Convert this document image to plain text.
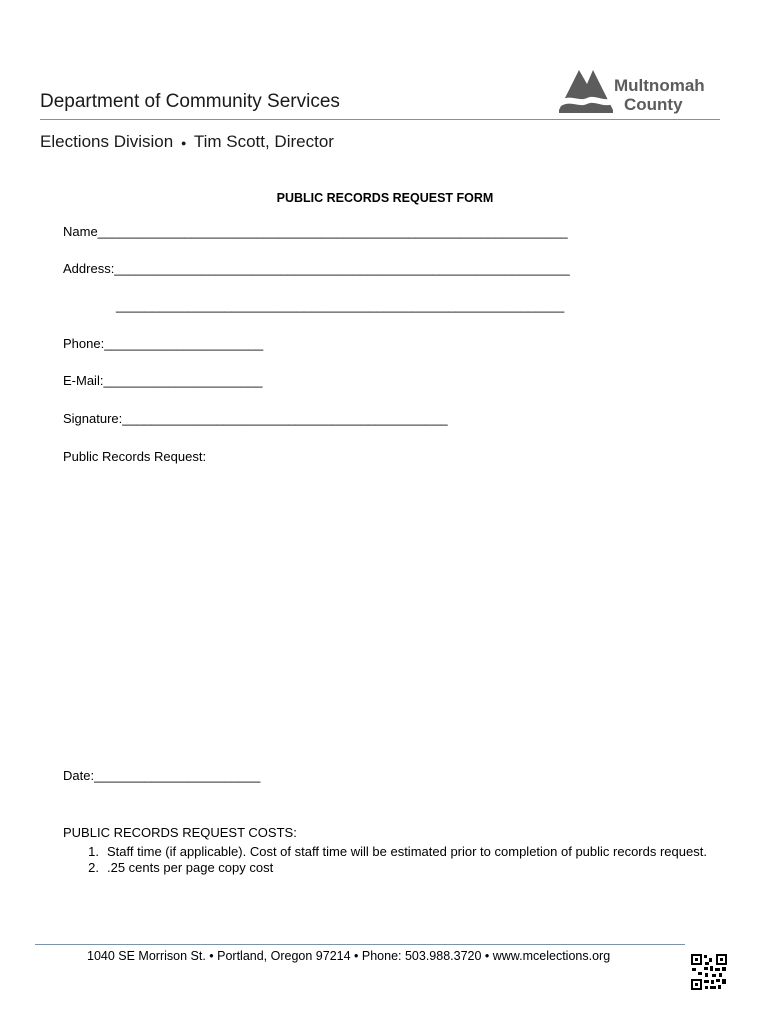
Department of Community Services
Elections Division ● Tim Scott, Director
Multnomah
County
PUBLIC RECORDS REQUEST FORM
Name_________________________________________________________________
Address:_______________________________________________________________
______________________________________________________________
Phone:______________________
E-Mail:______________________
Signature:_____________________________________________
Public Records Request:
Date:_______________________
PUBLIC RECORDS REQUEST COSTS:
1. Staff time (if applicable). Cost of staff time will be estimated prior to completion of public records request.
2. .25 cents per page copy cost
1040 SE Morrison St. • Portland, Oregon 97214 • Phone: 503.988.3720 • www.mcelections.org
